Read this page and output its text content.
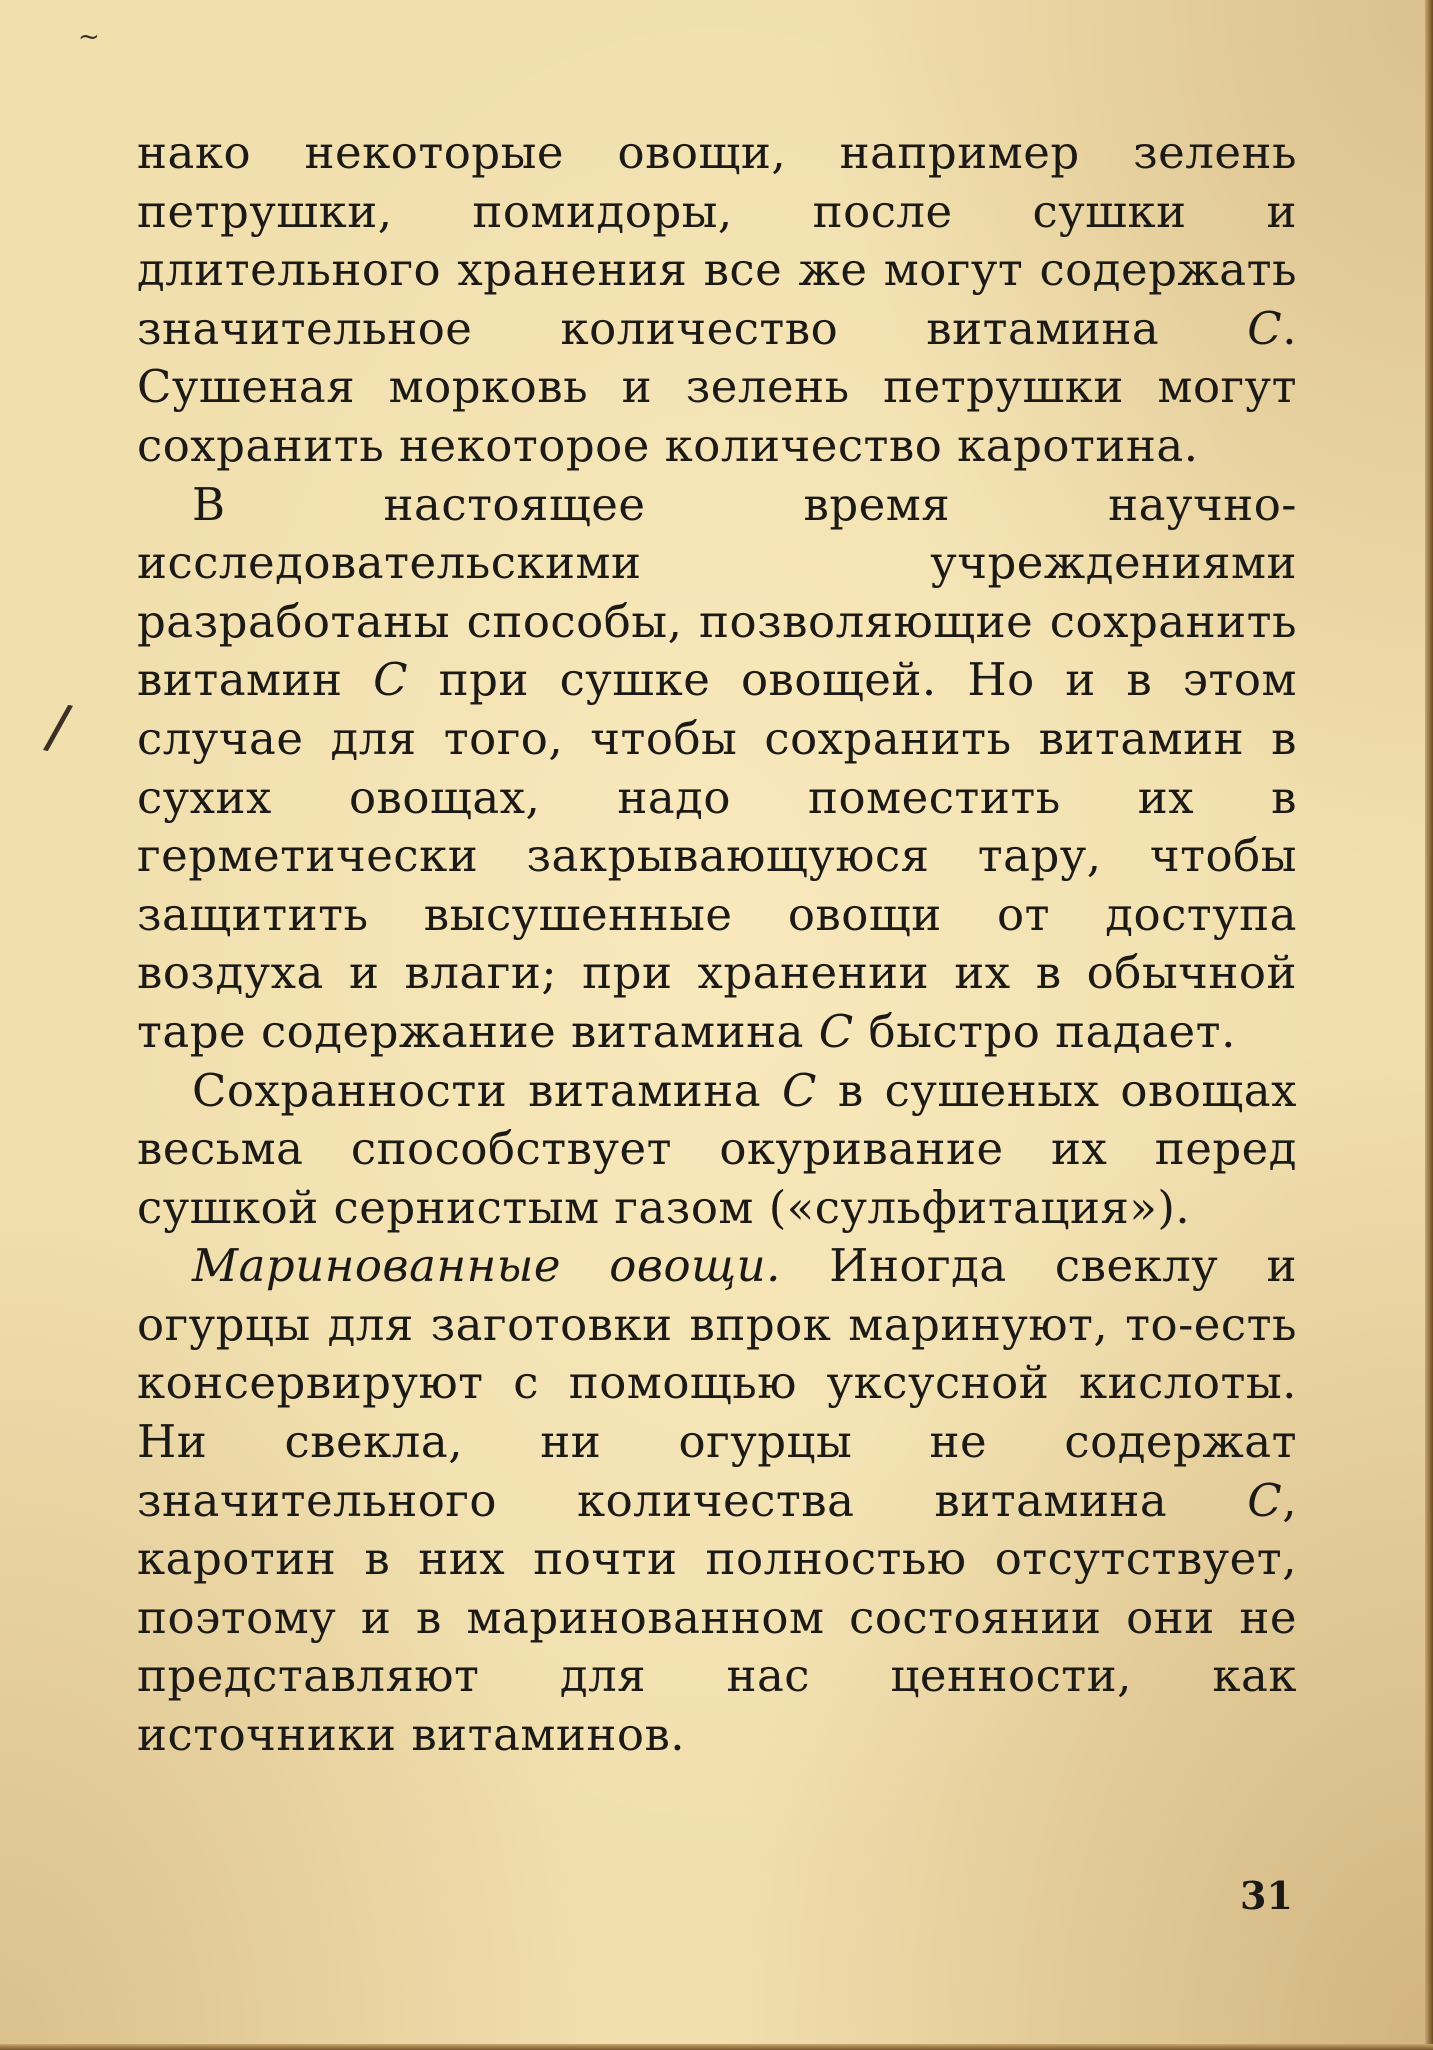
~
/

нако некоторые овощи, например зелень петрушки, помидоры, после сушки и длительного хранения все же могут содержать значительное количество витамина С. Сушеная морковь и зелень петрушки могут сохранить некоторое количество каротина.

В настоящее время научно-исследовательскими учреждениями разработаны способы, позволяющие сохранить витамин С при сушке овощей. Но и в этом случае для того, чтобы сохранить витамин в сухих овощах, надо поместить их в герметически закрывающуюся тару, чтобы защитить высушенные овощи от доступа воздуха и влаги; при хранении их в обычной таре содержание витамина С быстро падает.

Сохранности витамина С в сушеных овощах весьма способствует окуривание их перед сушкой сернистым газом («сульфитация»).

Маринованные овощи. Иногда свеклу и огурцы для заготовки впрок маринуют, то-есть консервируют с помощью уксусной кислоты. Ни свекла, ни огурцы не содержат значительного количества витамина С, каротин в них почти полностью отсутствует, поэтому и в маринованном состоянии они не представляют для нас ценности, как источники витаминов.

31
